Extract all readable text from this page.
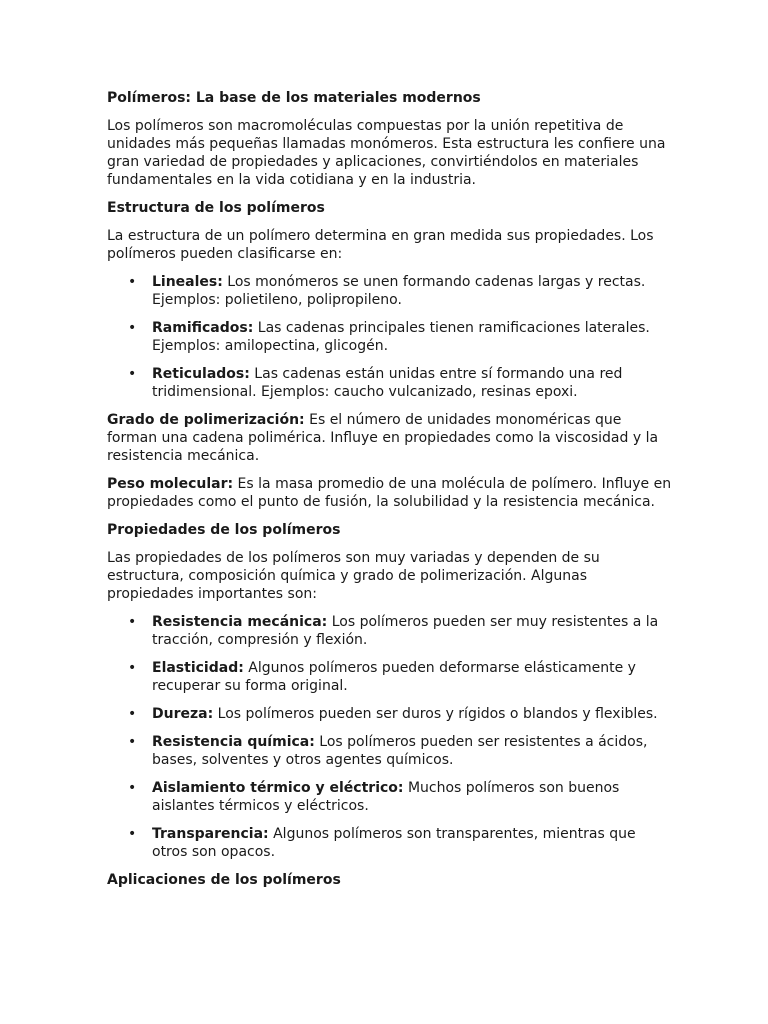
Polímeros: La base de los materiales modernos

Los polímeros son macromoléculas compuestas por la unión repetitiva de unidades más pequeñas llamadas monómeros. Esta estructura les confiere una gran variedad de propiedades y aplicaciones, convirtiéndolos en materiales fundamentales en la vida cotidiana y en la industria.

Estructura de los polímeros

La estructura de un polímero determina en gran medida sus propiedades. Los polímeros pueden clasificarse en:

• Lineales: Los monómeros se unen formando cadenas largas y rectas. Ejemplos: polietileno, polipropileno.
• Ramificados: Las cadenas principales tienen ramificaciones laterales. Ejemplos: amilopectina, glicogén.
• Reticulados: Las cadenas están unidas entre sí formando una red tridimensional. Ejemplos: caucho vulcanizado, resinas epoxi.

Grado de polimerización: Es el número de unidades monoméricas que forman una cadena polimérica. Influye en propiedades como la viscosidad y la resistencia mecánica.

Peso molecular: Es la masa promedio de una molécula de polímero. Influye en propiedades como el punto de fusión, la solubilidad y la resistencia mecánica.

Propiedades de los polímeros

Las propiedades de los polímeros son muy variadas y dependen de su estructura, composición química y grado de polimerización. Algunas propiedades importantes son:

• Resistencia mecánica: Los polímeros pueden ser muy resistentes a la tracción, compresión y flexión.
• Elasticidad: Algunos polímeros pueden deformarse elásticamente y recuperar su forma original.
• Dureza: Los polímeros pueden ser duros y rígidos o blandos y flexibles.
• Resistencia química: Los polímeros pueden ser resistentes a ácidos, bases, solventes y otros agentes químicos.
• Aislamiento térmico y eléctrico: Muchos polímeros son buenos aislantes térmicos y eléctricos.
• Transparencia: Algunos polímeros son transparentes, mientras que otros son opacos.

Aplicaciones de los polímeros
